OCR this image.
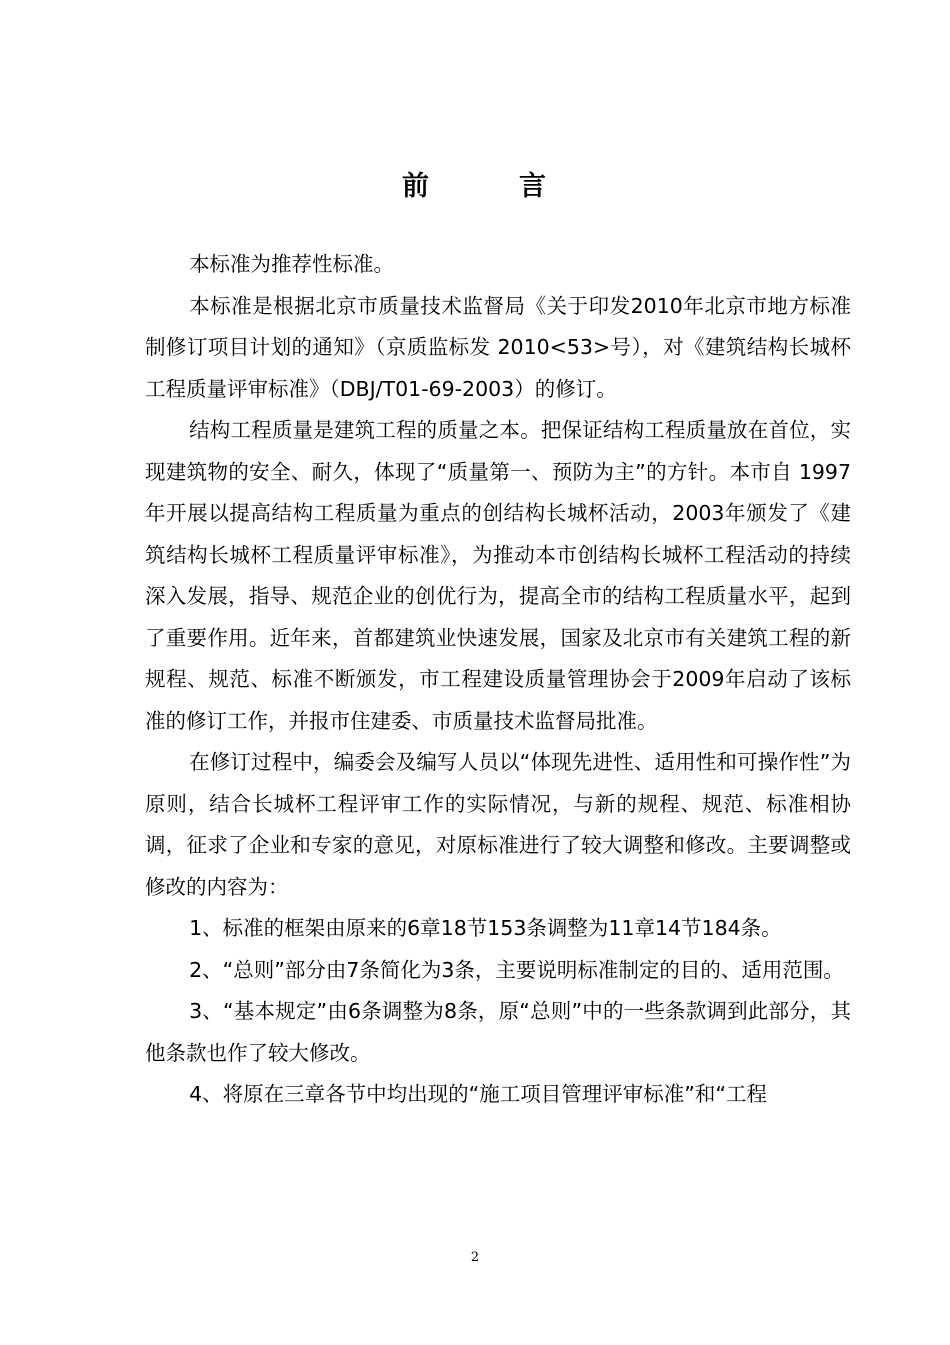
前	言

本标准为推荐性标准。

本标准是根据北京市质量技术监督局《关于印发2010年北京市地方标准制修订项目计划的通知》（京质监标发 2010<53>号），对《建筑结构长城杯工程质量评审标准》（DBJ/T01-69-2003）的修订。

结构工程质量是建筑工程的质量之本。把保证结构工程质量放在首位，实现建筑物的安全、耐久，体现了“质量第一、预防为主”的方针。本市自 1997 年开展以提高结构工程质量为重点的创结构长城杯活动，2003年颁发了《建筑结构长城杯工程质量评审标准》，为推动本市创结构长城杯工程活动的持续深入发展，指导、规范企业的创优行为，提高全市的结构工程质量水平，起到了重要作用。近年来，首都建筑业快速发展，国家及北京市有关建筑工程的新规程、规范、标准不断颁发，市工程建设质量管理协会于2009年启动了该标准的修订工作，并报市住建委、市质量技术监督局批准。

在修订过程中，编委会及编写人员以“体现先进性、适用性和可操作性”为原则，结合长城杯工程评审工作的实际情况，与新的规程、规范、标准相协调，征求了企业和专家的意见，对原标准进行了较大调整和修改。主要调整或修改的内容为：

1、标准的框架由原来的6章18节153条调整为11章14节184条。

2、“总则”部分由7条简化为3条，主要说明标准制定的目的、适用范围。

3、“基本规定”由6条调整为8条，原“总则”中的一些条款调到此部分，其他条款也作了较大修改。

4、将原在三章各节中均出现的“施工项目管理评审标准”和“工程

2
